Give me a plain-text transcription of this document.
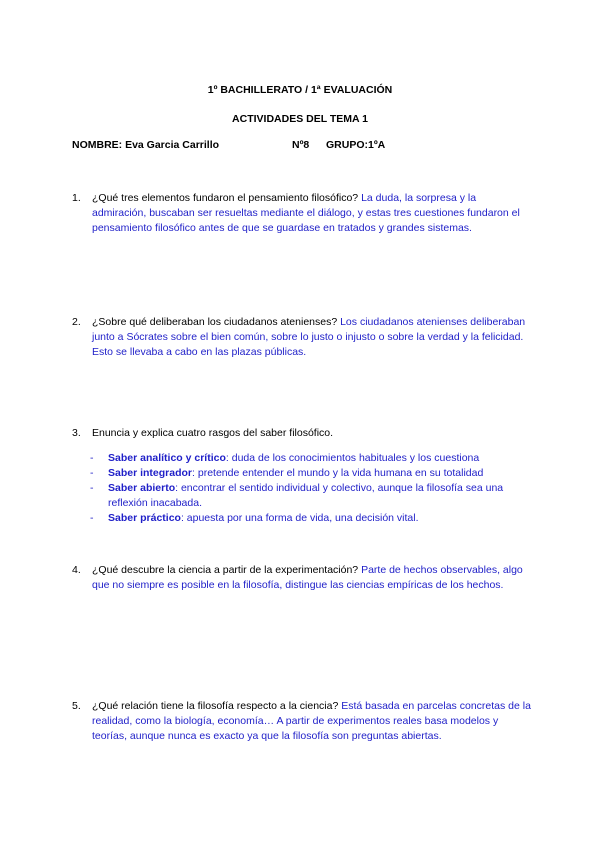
1º BACHILLERATO / 1ª EVALUACIÓN
ACTIVIDADES DEL TEMA 1
NOMBRE: Eva Garcia Carrillo	Nº8 GRUPO:1ºA
1. ¿Qué tres elementos fundaron el pensamiento filosófico? La duda, la sorpresa y la admiración, buscaban ser resueltas mediante el diálogo, y estas tres cuestiones fundaron el pensamiento filosófico antes de que se guardase en tratados y grandes sistemas.
2. ¿Sobre qué deliberaban los ciudadanos atenienses? Los ciudadanos atenienses deliberaban junto a Sócrates sobre el bien común, sobre lo justo o injusto o sobre la verdad y la felicidad. Esto se llevaba a cabo en las plazas públicas.
3. Enuncia y explica cuatro rasgos del saber filosófico.
- Saber analítico y crítico: duda de los conocimientos habituales y los cuestiona
- Saber integrador: pretende entender el mundo y la vida humana en su totalidad
- Saber abierto: encontrar el sentido individual y colectivo, aunque la filosofía sea una reflexión inacabada.
- Saber práctico: apuesta por una forma de vida, una decisión vital.
4. ¿Qué descubre la ciencia a partir de la experimentación? Parte de hechos observables, algo que no siempre es posible en la filosofía, distingue las ciencias empíricas de los hechos.
5. ¿Qué relación tiene la filosofía respecto a la ciencia? Está basada en parcelas concretas de la realidad, como la biología, economía… A partir de experimentos reales basa modelos y teorías, aunque nunca es exacto ya que la filosofía son preguntas abiertas.
